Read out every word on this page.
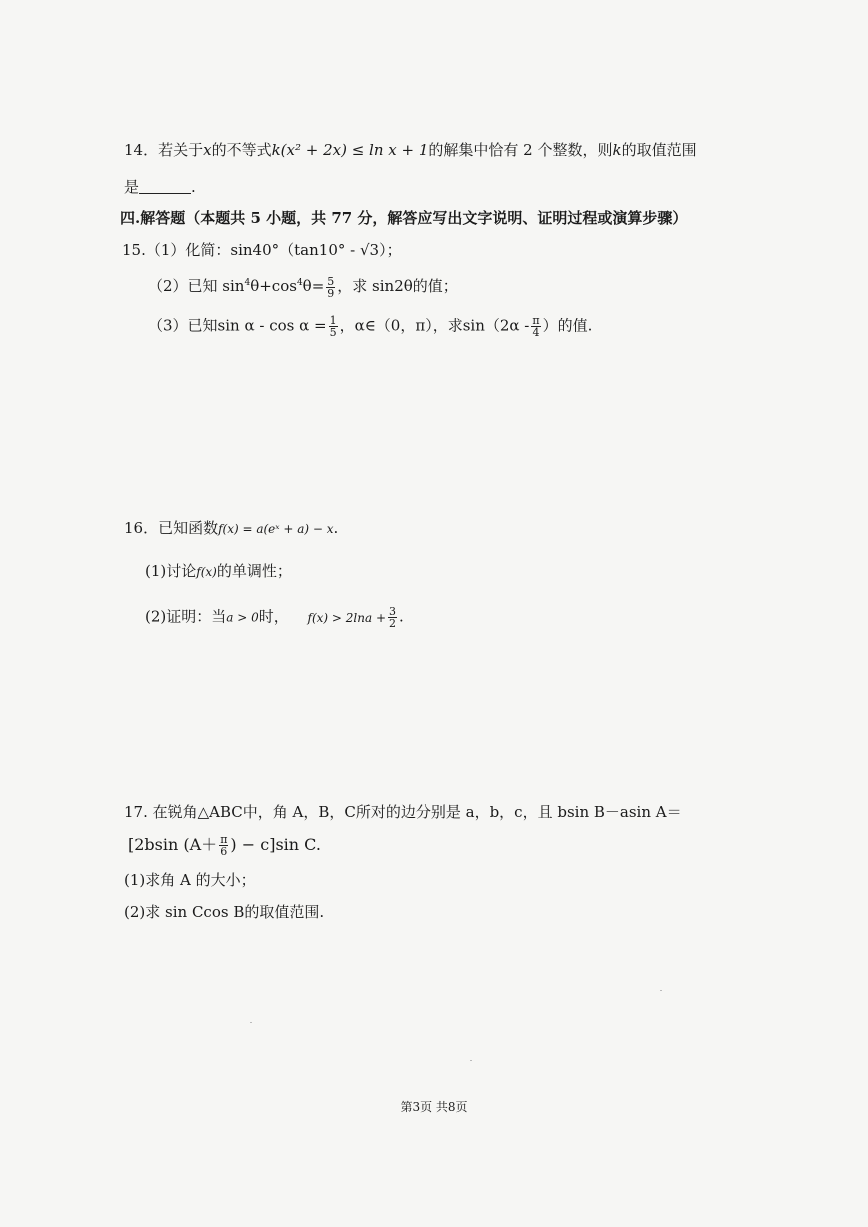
14．若关于x的不等式k(x² + 2x) ≤ ln x + 1的解集中恰有 2 个整数，则k的取值范围
是	.
四.解答题（本题共 5 小题，共 77 分，解答应写出文字说明、证明过程或演算步骤）
15.（1）化简：sin40°（tan10° - √3）；
（2）已知 $\sin^4\theta+\cos^4\theta= \frac{5}{9}$ ，求 sin2θ的值；
（3）已知$\sin \alpha - \cos \alpha = \frac{1}{5}$ ，α∈（0，π），求$\sin(2\alpha - \frac{\pi}{4}$ ）的值.
16．已知函数f(x) = a(eˣ + a) − x.
(1)讨论f(x)的单调性；
(2)证明：当a > 0时， $f(x) > 2\ln a + \frac{3}{2}$ .
17. 在锐角△ABC中，角 A，B，C所对的边分别是 a，b，c，且 bsin B－asin A＝
[2bsin ($A+ \frac{\pi}{6}$ ) − c]sin C.
(1)求角 A 的大小；
(2)求 sin Ccos B的取值范围.
第3页 共8页
